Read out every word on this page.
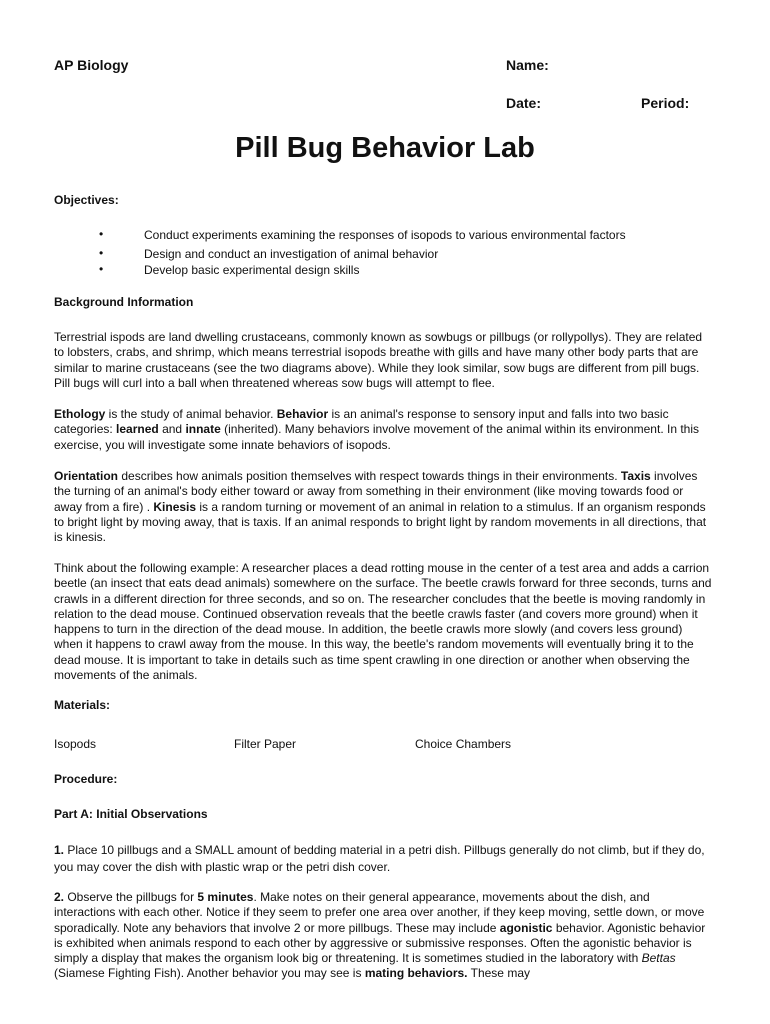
AP Biology	Name:
Date:	Period:
Pill Bug Behavior Lab
Objectives:
•	Conduct experiments examining the responses of isopods to various environmental factors
•	Design and conduct an investigation of animal behavior
•	Develop basic experimental design skills
Background Information

Terrestrial ispods are land dwelling crustaceans, commonly known as sowbugs or pillbugs (or rollypollys). They are related to lobsters, crabs, and shrimp, which means terrestrial isopods breathe with gills and have many other body parts that are similar to marine crustaceans (see the two diagrams above). While they look similar, sow bugs are different from pill bugs. Pill bugs will curl into a ball when threatened whereas sow bugs will attempt to flee.

Ethology is the study of animal behavior. Behavior is an animal's response to sensory input and falls into two basic categories: learned and innate (inherited). Many behaviors involve movement of the animal within its environment. In this exercise, you will investigate some innate behaviors of isopods.

Orientation describes how animals position themselves with respect towards things in their environments. Taxis involves the turning of an animal's body either toward or away from something in their environment (like moving towards food or away from a fire) . Kinesis is a random turning or movement of an animal in relation to a stimulus. If an organism responds to bright light by moving away, that is taxis. If an animal responds to bright light by random movements in all directions, that is kinesis.

Think about the following example: A researcher places a dead rotting mouse in the center of a test area and adds a carrion beetle (an insect that eats dead animals) somewhere on the surface. The beetle crawls forward for three seconds, turns and crawls in a different direction for three seconds, and so on. The researcher concludes that the beetle is moving randomly in relation to the dead mouse. Continued observation reveals that the beetle crawls faster (and covers more ground) when it happens to turn in the direction of the dead mouse. In addition, the beetle crawls more slowly (and covers less ground) when it happens to crawl away from the mouse. In this way, the beetle's random movements will eventually bring it to the dead mouse. It is important to take in details such as time spent crawling in one direction or another when observing the movements of the animals.

Materials:
Isopods	Filter Paper	Choice Chambers
Procedure:
Part A: Initial Observations

1. Place 10 pillbugs and a SMALL amount of bedding material in a petri dish. Pillbugs generally do not climb, but if they do, you may cover the dish with plastic wrap or the petri dish cover.

2. Observe the pillbugs for 5 minutes. Make notes on their general appearance, movements about the dish, and interactions with each other. Notice if they seem to prefer one area over another, if they keep moving, settle down, or move sporadically. Note any behaviors that involve 2 or more pillbugs. These may include agonistic behavior. Agonistic behavior is exhibited when animals respond to each other by aggressive or submissive responses. Often the agonistic behavior is simply a display that makes the organism look big or threatening. It is sometimes studied in the laboratory with Bettas (Siamese Fighting Fish). Another behavior you may see is mating behaviors. These may
